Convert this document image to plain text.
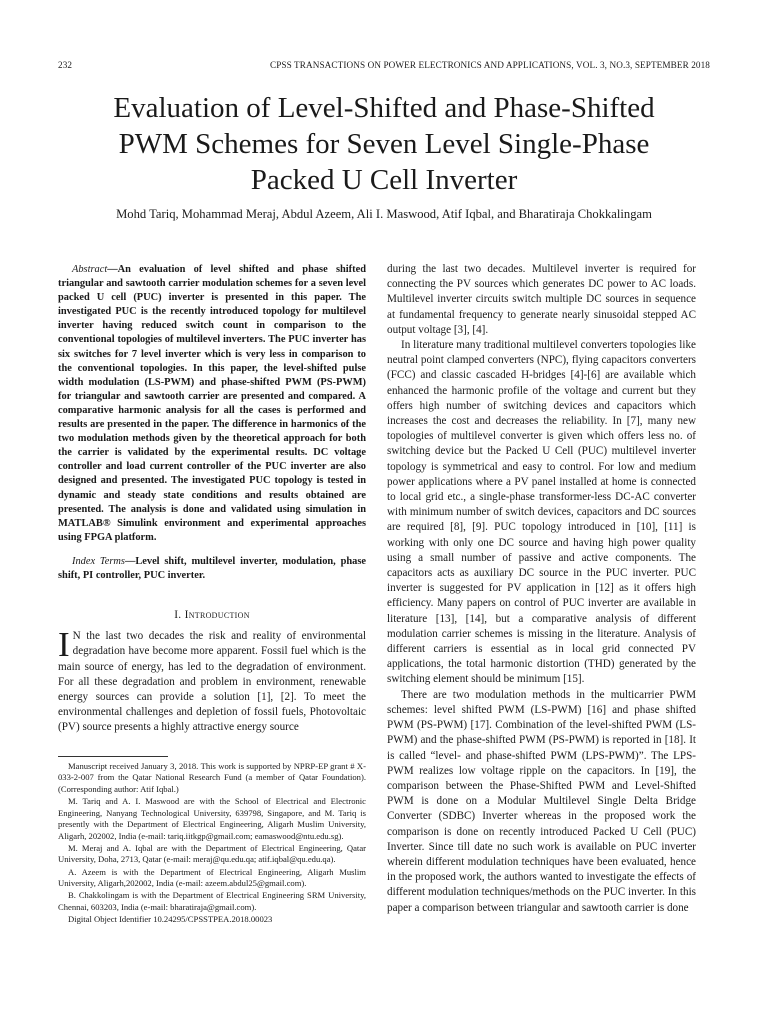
232	CPSS TRANSACTIONS ON POWER ELECTRONICS AND APPLICATIONS, VOL. 3, NO.3, SEPTEMBER 2018
Evaluation of Level-Shifted and Phase-Shifted
PWM Schemes for Seven Level Single-Phase
Packed U Cell Inverter
Mohd Tariq, Mohammad Meraj, Abdul Azeem, Ali I. Maswood, Atif Iqbal, and Bharatiraja Chokkalingam

Abstract—An evaluation of level shifted and phase shifted triangular and sawtooth carrier modulation schemes for a seven level packed U cell (PUC) inverter is presented in this paper. The investigated PUC is the recently introduced topology for multilevel inverter having reduced switch count in comparison to the conventional topologies of multilevel inverters. The PUC inverter has six switches for 7 level inverter which is very less in comparison to the conventional topologies. In this paper, the level-shifted pulse width modulation (LS-PWM) and phase-shifted PWM (PS-PWM) for triangular and sawtooth carrier are presented and compared. A comparative harmonic analysis for all the cases is performed and results are presented in the paper. The difference in harmonics of the two modulation methods given by the theoretical approach for both the carrier is validated by the experimental results. DC voltage controller and load current controller of the PUC inverter are also designed and presented. The investigated PUC topology is tested in dynamic and steady state conditions and results obtained are presented. The analysis is done and validated using simulation in MATLAB® Simulink environment and experimental approaches using FPGA platform.

Index Terms—Level shift, multilevel inverter, modulation, phase shift, PI controller, PUC inverter.

I. Introduction

I N the last two decades the risk and reality of environmental degradation have become more apparent. Fossil fuel which is the main source of energy, has led to the degradation of environment. For all these degradation and problem in environment, renewable energy sources can provide a solution [1], [2]. To meet the environmental challenges and depletion of fossil fuels, Photovoltaic (PV) source presents a highly attractive energy source

Manuscript received January 3, 2018. This work is supported by NPRP-EP grant # X-033-2-007 from the Qatar National Research Fund (a member of Qatar Foundation). (Corresponding author: Atif Iqbal.)

M. Tariq and A. I. Maswood are with the School of Electrical and Electronic Engineering, Nanyang Technological University, 639798, Singapore, and M. Tariq is presently with the Department of Electrical Engineering, Aligarh Muslim University, Aligarh, 202002, India (e-mail: tariq.iitkgp@gmail.com; eamaswood@ntu.edu.sg).

M. Meraj and A. Iqbal are with the Department of Electrical Engineering, Qatar University, Doha, 2713, Qatar (e-mail: meraj@qu.edu.qa; atif.iqbal@qu.edu.qa).

A. Azeem is with the Department of Electrical Engineering, Aligarh Muslim University, Aligarh,202002, India (e-mail: azeem.abdul25@gmail.com).

B. Chakkolingam is with the Department of Electrical Engineering SRM University, Chennai, 603203, India (e-mail: bharatiraja@gmail.com).

Digital Object Identifier 10.24295/CPSSTPEA.2018.00023

during the last two decades. Multilevel inverter is required for connecting the PV sources which generates DC power to AC loads. Multilevel inverter circuits switch multiple DC sources in sequence at fundamental frequency to generate nearly sinusoidal stepped AC output voltage [3], [4].

In literature many traditional multilevel converters topologies like neutral point clamped converters (NPC), flying capacitors converters (FCC) and classic cascaded H-bridges [4]-[6] are available which enhanced the harmonic profile of the voltage and current but they offers high number of switching devices and capacitors which increases the cost and decreases the reliability. In [7], many new topologies of multilevel converter is given which offers less no. of switching device but the Packed U Cell (PUC) multilevel inverter topology is symmetrical and easy to control. For low and medium power applications where a PV panel installed at home is connected to local grid etc., a single-phase transformer-less DC-AC converter with minimum number of switch devices, capacitors and DC sources are required [8], [9]. PUC topology introduced in [10], [11] is working with only one DC source and having high power quality using a small number of passive and active components. The capacitors acts as auxiliary DC source in the PUC inverter. PUC inverter is suggested for PV application in [12] as it offers high efficiency. Many papers on control of PUC inverter are available in literature [13], [14], but a comparative analysis of different modulation carrier schemes is missing in the literature. Analysis of different carriers is essential as in local grid connected PV applications, the total harmonic distortion (THD) generated by the switching element should be minimum [15].

There are two modulation methods in the multicarrier PWM schemes: level shifted PWM (LS-PWM) [16] and phase shifted PWM (PS-PWM) [17]. Combination of the level-shifted PWM (LS-PWM) and the phase-shifted PWM (PS-PWM) is reported in [18]. It is called “level- and phase-shifted PWM (LPS-PWM)”. The LPS-PWM realizes low voltage ripple on the capacitors. In [19], the comparison between the Phase-Shifted PWM and Level-Shifted PWM is done on a Modular Multilevel Single Delta Bridge Converter (SDBC) Inverter whereas in the proposed work the comparison is done on recently introduced Packed U Cell (PUC) Inverter. Since till date no such work is available on PUC inverter wherein different modulation techniques have been evaluated, hence in the proposed work, the authors wanted to investigate the effects of different modulation techniques/methods on the PUC inverter. In this paper a comparison between triangular and sawtooth carrier is done
